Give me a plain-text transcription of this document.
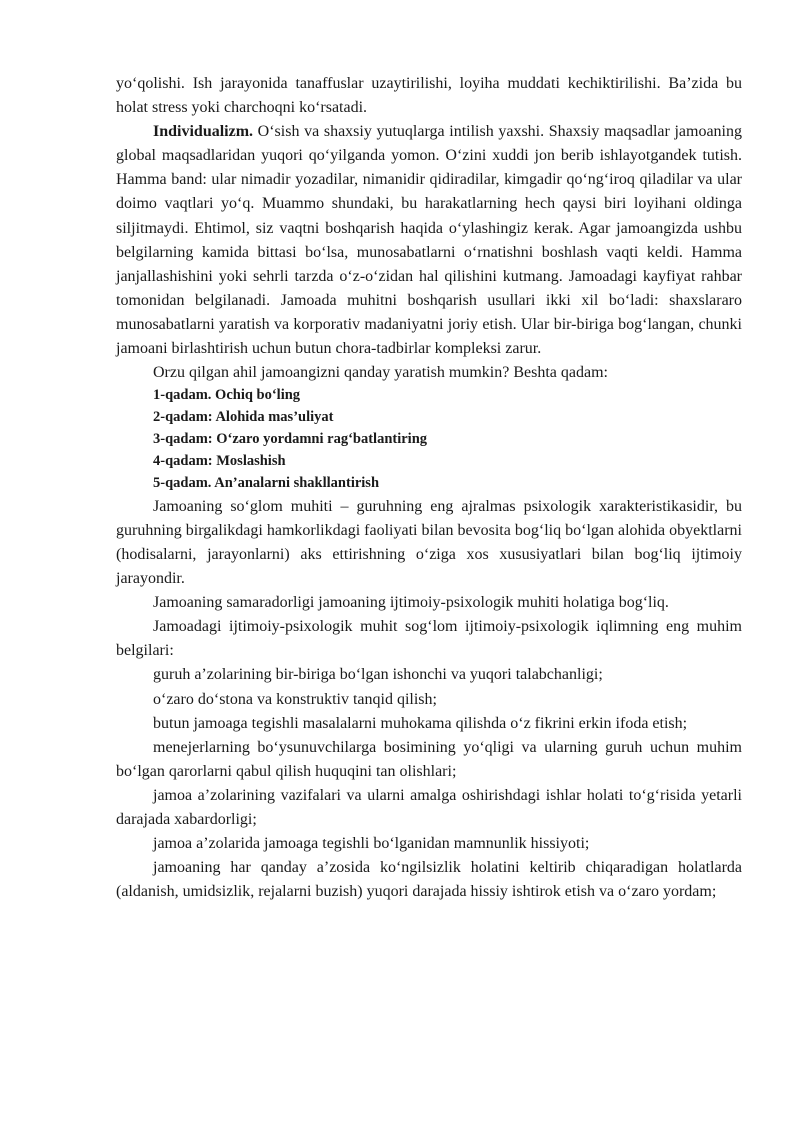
yo‘qolishi. Ish jarayonida tanaffuslar uzaytirilishi, loyiha muddati kechiktirilishi. Ba’zida bu holat stress yoki charchoqni ko‘rsatadi.

Individualizm. O‘sish va shaxsiy yutuqlarga intilish yaxshi. Shaxsiy maqsadlar jamoaning global maqsadlaridan yuqori qo‘yilganda yomon. O‘zini xuddi jon berib ishlayotgandek tutish. Hamma band: ular nimadir yozadilar, nimanidir qidiradilar, kimgadir qo‘ng‘iroq qiladilar va ular doimo vaqtlari yo‘q. Muammo shundaki, bu harakatlarning hech qaysi biri loyihani oldinga siljitmaydi. Ehtimol, siz vaqtni boshqarish haqida o‘ylashingiz kerak. Agar jamoangizda ushbu belgilarning kamida bittasi bo‘lsa, munosabatlarni o‘rnatishni boshlash vaqti keldi. Hamma janjallashishini yoki sehrli tarzda o‘z-o‘zidan hal qilishini kutmang. Jamoadagi kayfiyat rahbar tomonidan belgilanadi. Jamoada muhitni boshqarish usullari ikki xil bo‘ladi: shaxslararo munosabatlarni yaratish va korporativ madaniyatni joriy etish. Ular bir-biriga bog‘langan, chunki jamoani birlashtirish uchun butun chora-tadbirlar kompleksi zarur.

Orzu qilgan ahil jamoangizni qanday yaratish mumkin? Beshta qadam:

1-qadam. Ochiq bo‘ling

2-qadam: Alohida mas’uliyat

3-qadam: O‘zaro yordamni rag‘batlantiring

4-qadam: Moslashish

5-qadam. An’analarni shakllantirish

Jamoaning so‘glom muhiti – guruhning eng ajralmas psixologik xarakteristikasidir, bu guruhning birgalikdagi hamkorlikdagi faoliyati bilan bevosita bog‘liq bo‘lgan alohida obyektlarni (hodisalarni, jarayonlarni) aks ettirishning o‘ziga xos xususiyatlari bilan bog‘liq ijtimoiy jarayondir.

Jamoaning samaradorligi jamoaning ijtimoiy-psixologik muhiti holatiga bog‘liq.

Jamoadagi ijtimoiy-psixologik muhit sog‘lom ijtimoiy-psixologik iqlimning eng muhim belgilari:

guruh a’zolarining bir-biriga bo‘lgan ishonchi va yuqori talabchanligi;

o‘zaro do‘stona va konstruktiv tanqid qilish;

butun jamoaga tegishli masalalarni muhokama qilishda o‘z fikrini erkin ifoda etish;

menejerlarning bo‘ysunuvchilarga bosimining yo‘qligi va ularning guruh uchun muhim bo‘lgan qarorlarni qabul qilish huquqini tan olishlari;

jamoa a’zolarining vazifalari va ularni amalga oshirishdagi ishlar holati to‘g‘risida yetarli darajada xabardorligi;

jamoa a’zolarida jamoaga tegishli bo‘lganidan mamnunlik hissiyoti;

jamoaning har qanday a’zosida ko‘ngilsizlik holatini keltirib chiqaradigan holatlarda (aldanish, umidsizlik, rejalarni buzish) yuqori darajada hissiy ishtirok etish va o‘zaro yordam;
